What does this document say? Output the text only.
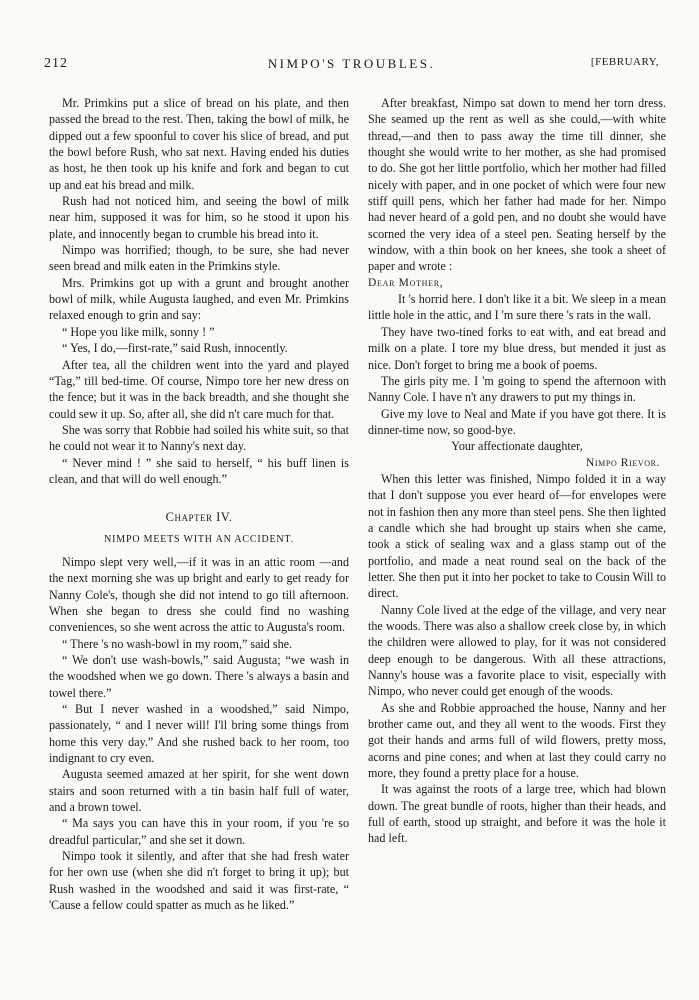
212	NIMPO'S TROUBLES.	[FEBRUARY,

Mr. Primkins put a slice of bread on his plate, and then passed the bread to the rest. Then, taking the bowl of milk, he dipped out a few spoonful to cover his slice of bread, and put the bowl before Rush, who sat next. Having ended his duties as host, he then took up his knife and fork and began to cut up and eat his bread and milk.

Rush had not noticed him, and seeing the bowl of milk near him, supposed it was for him, so he stood it upon his plate, and innocently began to crumble his bread into it.

Nimpo was horrified; though, to be sure, she had never seen bread and milk eaten in the Primkins style.

Mrs. Primkins got up with a grunt and brought another bowl of milk, while Augusta laughed, and even Mr. Primkins relaxed enough to grin and say:

“ Hope you like milk, sonny ! ”

“ Yes, I do,—first-rate,” said Rush, innocently.

After tea, all the children went into the yard and played “Tag,” till bed-time. Of course, Nimpo tore her new dress on the fence; but it was in the back breadth, and she thought she could sew it up. So, after all, she did n't care much for that.

She was sorry that Robbie had soiled his white suit, so that he could not wear it to Nanny's next day.

“ Never mind ! ” she said to herself, “ his buff linen is clean, and that will do well enough.”

Chapter IV.
NIMPO MEETS WITH AN ACCIDENT.

Nimpo slept very well,—if it was in an attic room —and the next morning she was up bright and early to get ready for Nanny Cole's, though she did not intend to go till afternoon. When she began to dress she could find no washing conveniences, so she went across the attic to Augusta's room.

“ There 's no wash-bowl in my room,” said she.

“ We don't use wash-bowls,” said Augusta; “we wash in the woodshed when we go down. There 's always a basin and towel there.”

“ But I never washed in a woodshed,” said Nimpo, passionately, “ and I never will! I'll bring some things from home this very day.” And she rushed back to her room, too indignant to cry even.

Augusta seemed amazed at her spirit, for she went down stairs and soon returned with a tin basin half full of water, and a brown towel.

“ Ma says you can have this in your room, if you 're so dreadful particular,” and she set it down.

Nimpo took it silently, and after that she had fresh water for her own use (when she did n't forget to bring it up); but Rush washed in the woodshed and said it was first-rate, “ 'Cause a fellow could spatter as much as he liked.”

After breakfast, Nimpo sat down to mend her torn dress. She seamed up the rent as well as she could,—with white thread,—and then to pass away the time till dinner, she thought she would write to her mother, as she had promised to do. She got her little portfolio, which her mother had filled nicely with paper, and in one pocket of which were four new stiff quill pens, which her father had made for her. Nimpo had never heard of a gold pen, and no doubt she would have scorned the very idea of a steel pen. Seating herself by the window, with a thin book on her knees, she took a sheet of paper and wrote :

Dear Mother,

It 's horrid here. I don't like it a bit. We sleep in a mean little hole in the attic, and I 'm sure there 's rats in the wall.

They have two-tined forks to eat with, and eat bread and milk on a plate. I tore my blue dress, but mended it just as nice. Don't forget to bring me a book of poems.

The girls pity me. I 'm going to spend the afternoon with Nanny Cole. I have n't any drawers to put my things in.

Give my love to Neal and Mate if you have got there. It is dinner-time now, so good-bye.

Your affectionate daughter,

Nimpo Rievor.

When this letter was finished, Nimpo folded it in a way that I don't suppose you ever heard of—for envelopes were not in fashion then any more than steel pens. She then lighted a candle which she had brought up stairs when she came, took a stick of sealing wax and a glass stamp out of the portfolio, and made a neat round seal on the back of the letter. She then put it into her pocket to take to Cousin Will to direct.

Nanny Cole lived at the edge of the village, and very near the woods. There was also a shallow creek close by, in which the children were allowed to play, for it was not considered deep enough to be dangerous. With all these attractions, Nanny's house was a favorite place to visit, especially with Nimpo, who never could get enough of the woods.

As she and Robbie approached the house, Nanny and her brother came out, and they all went to the woods. First they got their hands and arms full of wild flowers, pretty moss, acorns and pine cones; and when at last they could carry no more, they found a pretty place for a house.

It was against the roots of a large tree, which had blown down. The great bundle of roots, higher than their heads, and full of earth, stood up straight, and before it was the hole it had left.
